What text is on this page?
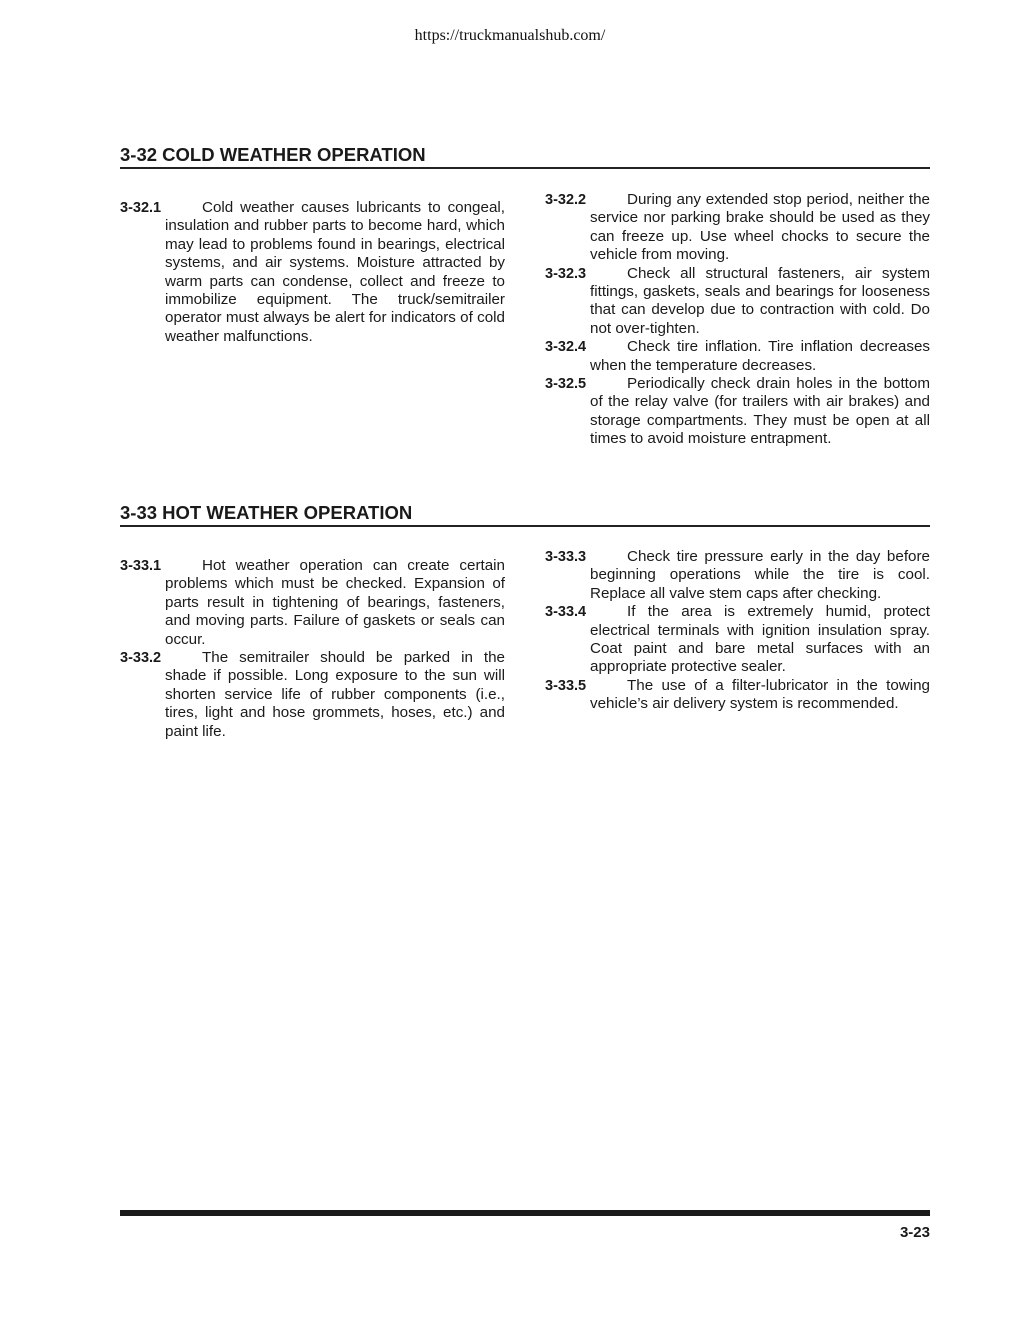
https://truckmanualshub.com/
3-32 COLD WEATHER OPERATION

3-32.1	Cold weather causes lubricants to congeal, insulation and rubber parts to become hard, which may lead to problems found in bearings, electrical systems, and air systems. Moisture attracted by warm parts can condense, collect and freeze to immobilize equipment. The truck/semitrailer operator must always be alert for indicators of cold weather malfunctions.

3-32.2	During any extended stop period, neither the service nor parking brake should be used as they can freeze up. Use wheel chocks to secure the vehicle from moving.

3-32.3	Check all structural fasteners, air system fittings, gaskets, seals and bearings for looseness that can develop due to contraction with cold. Do not over-tighten.

3-32.4	Check tire inflation. Tire inflation decreases when the temperature decreases.

3-32.5	Periodically check drain holes in the bottom of the relay valve (for trailers with air brakes) and storage compartments. They must be open at all times to avoid moisture entrapment.

3-33 HOT WEATHER OPERATION

3-33.1	Hot weather operation can create certain problems which must be checked. Expansion of parts result in tightening of bearings, fasteners, and moving parts. Failure of gaskets or seals can occur.

3-33.2	The semitrailer should be parked in the shade if possible. Long exposure to the sun will shorten service life of rubber components (i.e., tires, light and hose grommets, hoses, etc.) and paint life.

3-33.3	Check tire pressure early in the day before beginning operations while the tire is cool. Replace all valve stem caps after checking.

3-33.4	If the area is extremely humid, protect electrical terminals with ignition insulation spray. Coat paint and bare metal surfaces with an appropriate protective sealer.

3-33.5	The use of a filter-lubricator in the towing vehicle’s air delivery system is recommended.

3-23
